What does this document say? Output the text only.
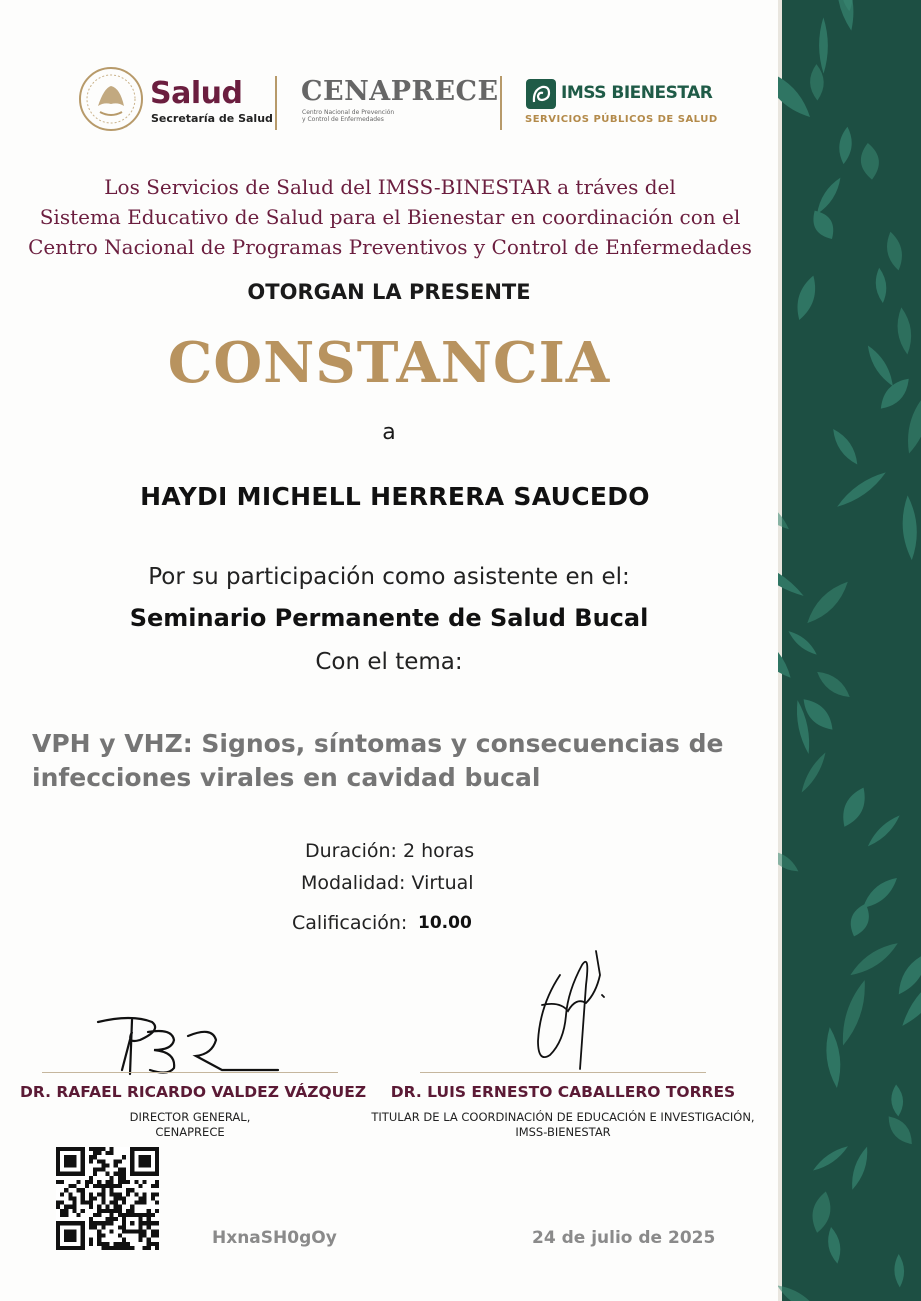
Salud
Secretaría de Salud
CENAPRECE
Centro Nacional de Prevención
y Control de Enfermedades
IMSS BIENESTAR
SERVICIOS PÚBLICOS DE SALUD
Los Servicios de Salud del IMSS-BINESTAR a tráves del
Sistema Educativo de Salud para el Bienestar en coordinación con el
Centro Nacional de Programas Preventivos y Control de Enfermedades
OTORGAN LA PRESENTE
CONSTANCIA
a
HAYDI MICHELL HERRERA SAUCEDO
Por su participación como asistente en el:
Seminario Permanente de Salud Bucal
Con el tema:
VPH y VHZ: Signos, síntomas y consecuencias de
infecciones virales en cavidad bucal
Duración: 2 horas
Modalidad: Virtual
Calificación: 10.00
DR. RAFAEL RICARDO VALDEZ VÁZQUEZ
DIRECTOR GENERAL,
CENAPRECE
DR. LUIS ERNESTO CABALLERO TORRES
TITULAR DE LA COORDINACIÓN DE EDUCACIÓN E INVESTIGACIÓN,
IMSS-BIENESTAR
HxnaSH0gOy	24 de julio de 2025
